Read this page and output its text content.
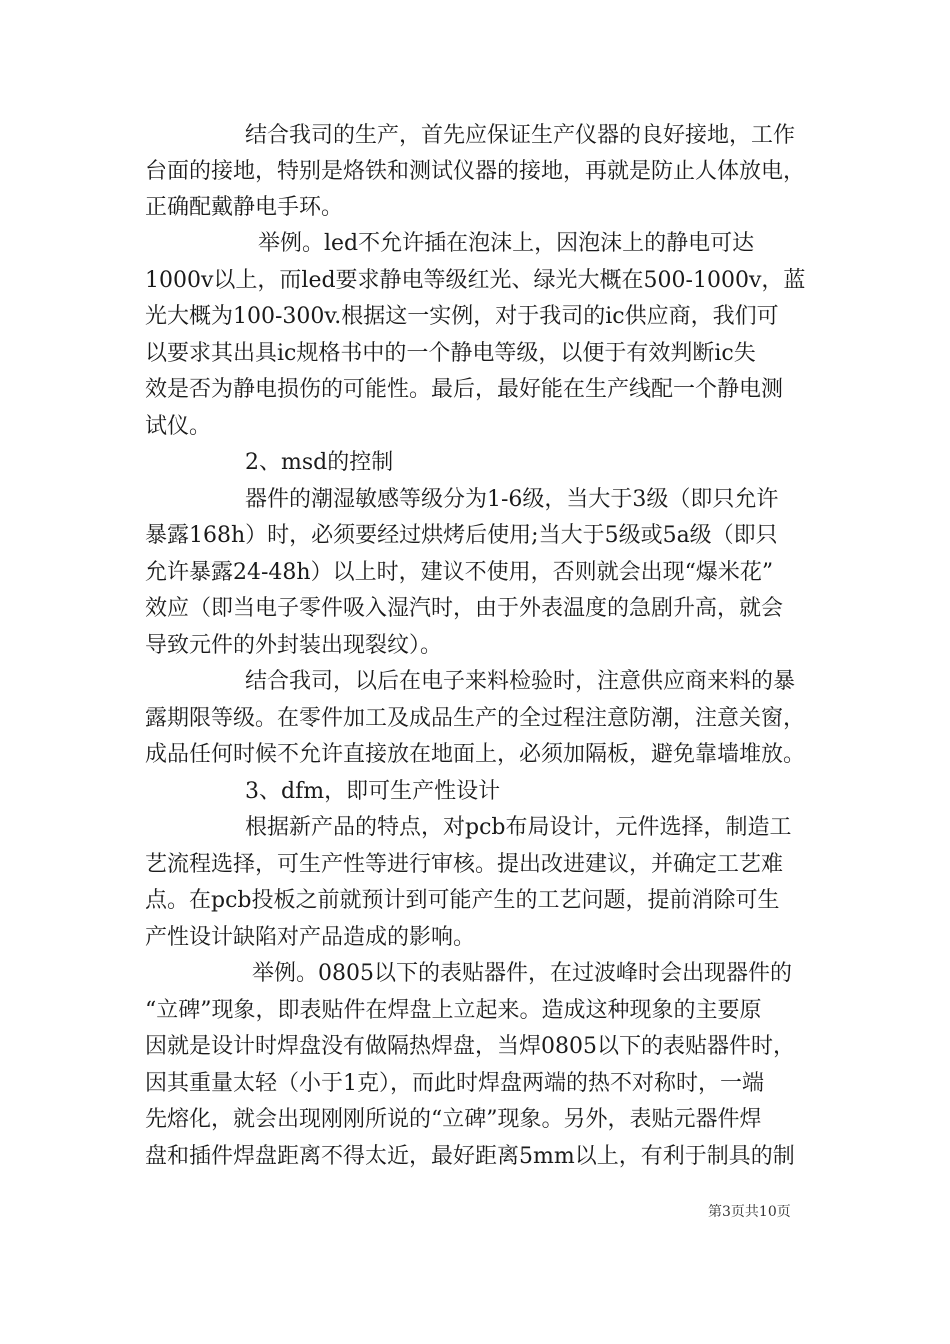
结合我司的生产，首先应保证生产仪器的良好接地，工作
台面的接地，特别是烙铁和测试仪器的接地，再就是防止人体放电，
正确配戴静电手环。
举例。led不允许插在泡沫上，因泡沫上的静电可达
1000v以上，而led要求静电等级红光、绿光大概在500-1000v，蓝
光大概为100-300v.根据这一实例，对于我司的ic供应商，我们可
以要求其出具ic规格书中的一个静电等级，以便于有效判断ic失
效是否为静电损伤的可能性。最后，最好能在生产线配一个静电测
试仪。
2、msd的控制
器件的潮湿敏感等级分为1-6级，当大于3级（即只允许
暴露168h）时，必须要经过烘烤后使用;当大于5级或5a级（即只
允许暴露24-48h）以上时，建议不使用，否则就会出现“爆米花”
效应（即当电子零件吸入湿汽时，由于外表温度的急剧升高，就会
导致元件的外封装出现裂纹）。
结合我司，以后在电子来料检验时，注意供应商来料的暴
露期限等级。在零件加工及成品生产的全过程注意防潮，注意关窗，
成品任何时候不允许直接放在地面上，必须加隔板，避免靠墙堆放。
3、dfm，即可生产性设计
根据新产品的特点，对pcb布局设计，元件选择，制造工
艺流程选择，可生产性等进行审核。提出改进建议，并确定工艺难
点。在pcb投板之前就预计到可能产生的工艺问题，提前消除可生
产性设计缺陷对产品造成的影响。
举例。0805以下的表贴器件，在过波峰时会出现器件的
“立碑”现象，即表贴件在焊盘上立起来。造成这种现象的主要原
因就是设计时焊盘没有做隔热焊盘，当焊0805以下的表贴器件时，
因其重量太轻（小于1克），而此时焊盘两端的热不对称时，一端
先熔化，就会出现刚刚所说的“立碑”现象。另外，表贴元器件焊
盘和插件焊盘距离不得太近，最好距离5mm以上，有利于制具的制
第3页共10页
